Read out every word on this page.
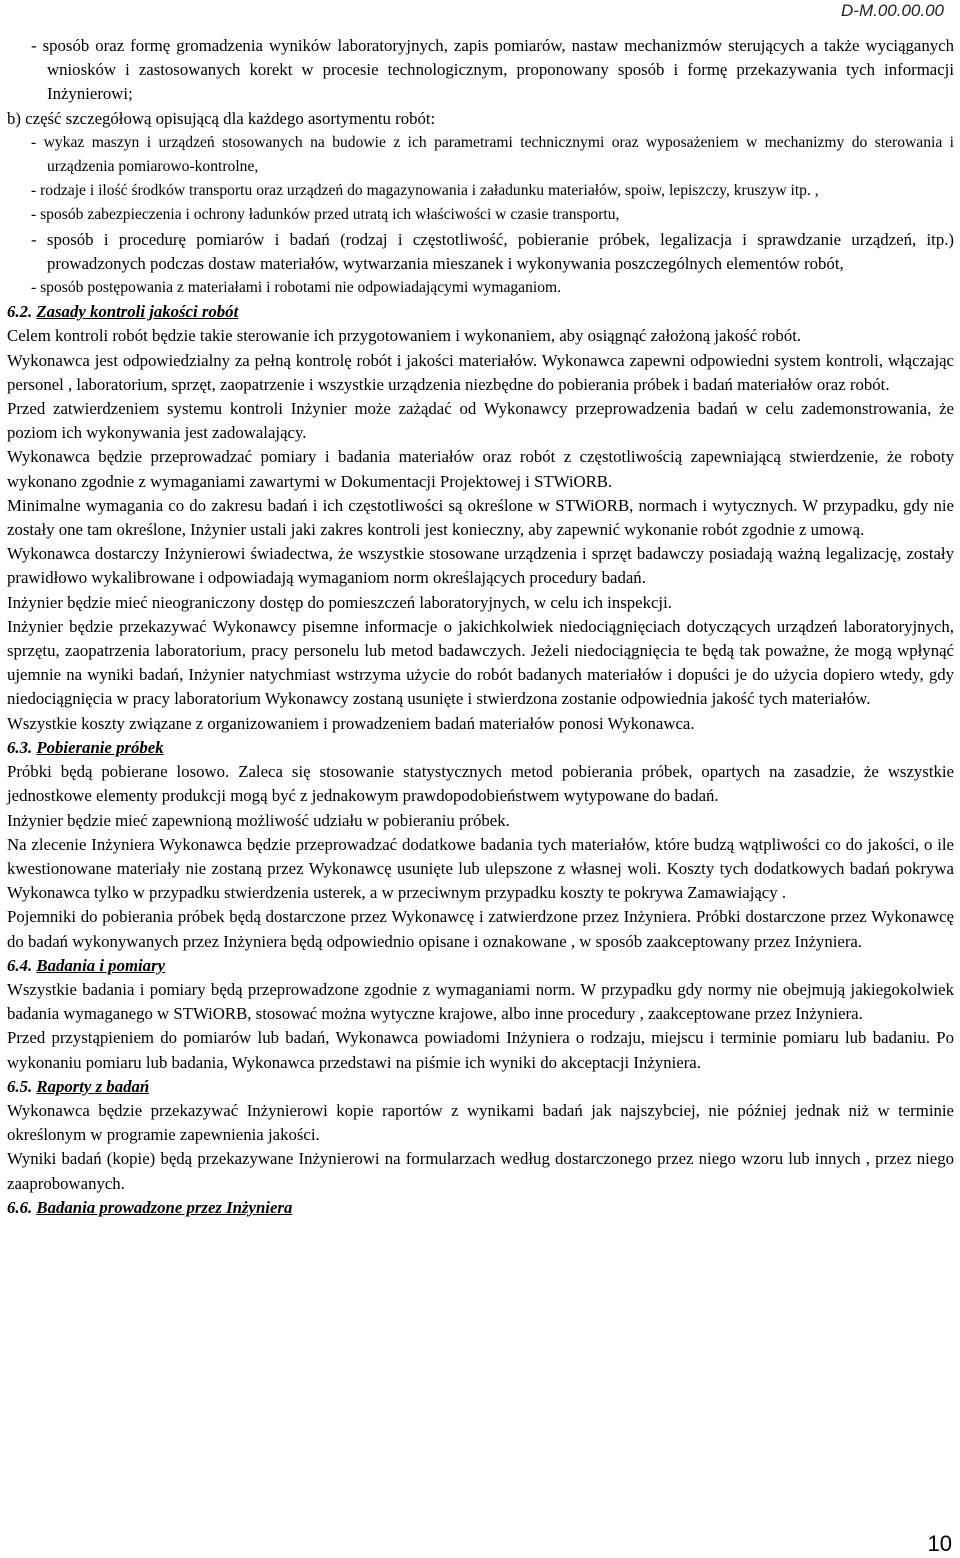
D-M.00.00.00

- sposób oraz formę gromadzenia wyników laboratoryjnych, zapis pomiarów, nastaw mechanizmów sterujących a także wyciąganych wniosków i zastosowanych korekt w procesie technologicznym, proponowany sposób i formę przekazywania tych informacji Inżynierowi;

b) część szczegółową opisującą dla każdego asortymentu robót:

- wykaz maszyn i urządzeń stosowanych na budowie z ich parametrami technicznymi oraz wyposażeniem w mechanizmy do sterowania i urządzenia pomiarowo-kontrolne,

- rodzaje i ilość środków transportu oraz urządzeń do magazynowania i załadunku materiałów, spoiw, lepiszczy, kruszyw itp. ,

- sposób zabezpieczenia i ochrony ładunków przed utratą ich właściwości w czasie transportu,

- sposób i procedurę pomiarów i badań (rodzaj i częstotliwość, pobieranie próbek, legalizacja i sprawdzanie urządzeń, itp.) prowadzonych podczas dostaw materiałów, wytwarzania mieszanek i wykonywania poszczególnych elementów robót,

- sposób postępowania z materiałami i robotami nie odpowiadającymi wymaganiom.

6.2. Zasady kontroli jakości robót

Celem kontroli robót będzie takie sterowanie ich przygotowaniem i wykonaniem, aby osiągnąć założoną jakość robót.

Wykonawca jest odpowiedzialny za pełną kontrolę robót i jakości materiałów. Wykonawca zapewni odpowiedni system kontroli, włączając personel , laboratorium, sprzęt, zaopatrzenie i wszystkie urządzenia niezbędne do pobierania próbek i badań materiałów oraz robót.

Przed zatwierdzeniem systemu kontroli Inżynier może zażądać od Wykonawcy przeprowadzenia badań w celu zademonstrowania, że poziom ich wykonywania jest zadowalający.

Wykonawca będzie przeprowadzać pomiary i badania materiałów oraz robót z częstotliwością zapewniającą stwierdzenie, że roboty wykonano zgodnie z wymaganiami zawartymi w Dokumentacji Projektowej i STWiORB.

Minimalne wymagania co do zakresu badań i ich częstotliwości są określone w STWiORB, normach i wytycznych. W przypadku, gdy nie zostały one tam określone, Inżynier ustali jaki zakres kontroli jest konieczny, aby zapewnić wykonanie robót zgodnie z umową.

Wykonawca dostarczy Inżynierowi świadectwa, że wszystkie stosowane urządzenia i sprzęt badawczy posiadają ważną legalizację, zostały prawidłowo wykalibrowane i odpowiadają wymaganiom norm określających procedury badań.

Inżynier będzie mieć nieograniczony dostęp do pomieszczeń laboratoryjnych, w celu ich inspekcji.

Inżynier będzie przekazywać Wykonawcy pisemne informacje o jakichkolwiek niedociągnięciach dotyczących urządzeń laboratoryjnych, sprzętu, zaopatrzenia laboratorium, pracy personelu lub metod badawczych. Jeżeli niedociągnięcia te będą tak poważne, że mogą wpłynąć ujemnie na wyniki badań, Inżynier natychmiast wstrzyma użycie do robót badanych materiałów i dopuści je do użycia dopiero wtedy, gdy niedociągnięcia w pracy laboratorium Wykonawcy zostaną usunięte i stwierdzona zostanie odpowiednia jakość tych materiałów.

Wszystkie koszty związane z organizowaniem i prowadzeniem badań materiałów ponosi Wykonawca.

6.3. Pobieranie próbek

Próbki będą pobierane losowo. Zaleca się stosowanie statystycznych metod pobierania próbek, opartych na zasadzie, że wszystkie jednostkowe elementy produkcji mogą być z jednakowym prawdopodobieństwem wytypowane do badań.

Inżynier będzie mieć zapewnioną możliwość udziału w pobieraniu próbek.

Na zlecenie Inżyniera Wykonawca będzie przeprowadzać dodatkowe badania tych materiałów, które budzą wątpliwości co do jakości, o ile kwestionowane materiały nie zostaną przez Wykonawcę usunięte lub ulepszone z własnej woli. Koszty tych dodatkowych badań pokrywa Wykonawca tylko w przypadku stwierdzenia usterek, a w przeciwnym przypadku koszty te pokrywa Zamawiający .

Pojemniki do pobierania próbek będą dostarczone przez Wykonawcę i zatwierdzone przez Inżyniera. Próbki dostarczone przez Wykonawcę do badań wykonywanych przez Inżyniera będą odpowiednio opisane i oznakowane , w sposób zaakceptowany przez Inżyniera.

6.4. Badania i pomiary

Wszystkie badania i pomiary będą przeprowadzone zgodnie z wymaganiami norm. W przypadku gdy normy nie obejmują jakiegokolwiek badania wymaganego w STWiORB, stosować można wytyczne krajowe, albo inne procedury , zaakceptowane przez Inżyniera.

Przed przystąpieniem do pomiarów lub badań, Wykonawca powiadomi Inżyniera o rodzaju, miejscu i terminie pomiaru lub badaniu. Po wykonaniu pomiaru lub badania, Wykonawca przedstawi na piśmie ich wyniki do akceptacji Inżyniera.

6.5. Raporty z badań

Wykonawca będzie przekazywać Inżynierowi kopie raportów z wynikami badań jak najszybciej, nie później jednak niż w terminie określonym w programie zapewnienia jakości.

Wyniki badań (kopie) będą przekazywane Inżynierowi na formularzach według dostarczonego przez niego wzoru lub innych , przez niego zaaprobowanych.

6.6. Badania prowadzone przez Inżyniera

10
